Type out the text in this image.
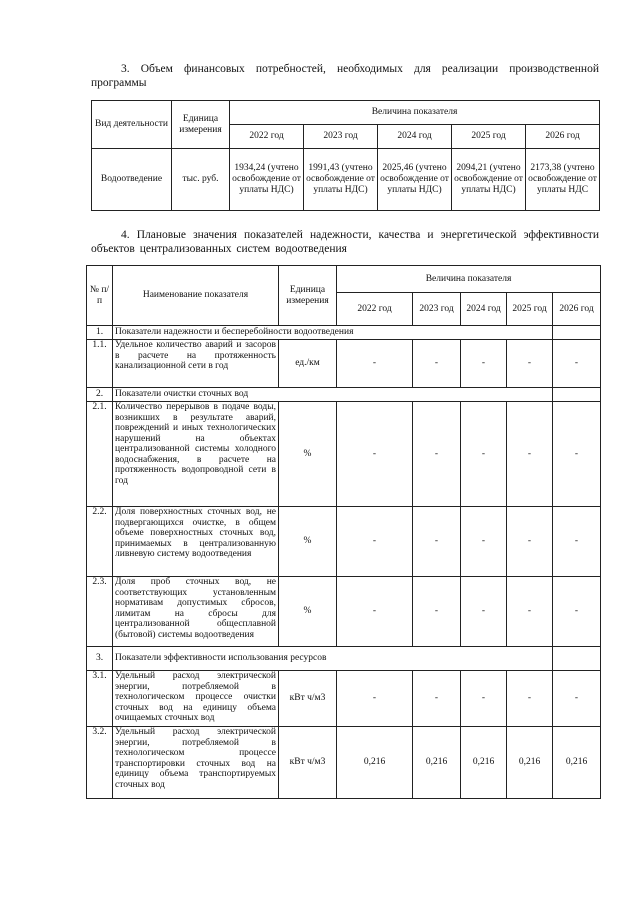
3. Объем финансовых потребностей, необходимых для реализации производственной программы
Вид деятельности	Единица измерения	Величина показателя				
		2022 год	2023 год	2024 год	2025 год	2026 год
Водоотведение	тыс. руб.	1934,24 (учтено освобождение от уплаты НДС)	1991,43 (учтено освобождение от уплаты НДС)	2025,46 (учтено освобождение от уплаты НДС)	2094,21 (учтено освобождение от уплаты НДС)	2173,38 (учтено освобождение от уплаты НДС
4. Плановые значения показателей надежности, качества и энергетической эффективности объектов централизованных систем водоотведения
№ п/п	Наименование показателя	Единица измерения	Величина показателя				
			2022 год	2023 год	2024 год	2025 год	2026 год
1.	Показатели надежности и бесперебойности водоотведения						
1.1.	Удельное количество аварий и засоров в расчете на протяженность канализационной сети в год	ед./км	-	-	-	-	-
2.	Показатели очистки сточных вод						
2.1.	Количество перерывов в подаче воды, возникших в результате аварий, повреждений и иных технологических нарушений на объектах централизованной системы холодного водоснабжения, в расчете на протяженность водопроводной сети в год	%	-	-	-	-	-
2.2.	Доля поверхностных сточных вод, не подвергающихся очистке, в общем объеме поверхностных сточных вод, принимаемых в централизованную ливневую систему водоотведения	%	-	-	-	-	-
2.3.	Доля проб сточных вод, не соответствующих установленным нормативам допустимых сбросов, лимитам на сбросы для централизованной общесплавной (бытовой) системы водоотведения	%	-	-	-	-	-
3.	Показатели эффективности использования ресурсов						
3.1.	Удельный расход электрической энергии, потребляемой в технологическом процессе очистки сточных вод на единицу объема очищаемых сточных вод	кВт ч/м3	-	-	-	-	-
3.2.	Удельный расход электрической энергии, потребляемой в технологическом процессе транспортировки сточных вод на единицу объема транспортируемых сточных вод	кВт ч/м3	0,216	0,216	0,216	0,216	0,216
